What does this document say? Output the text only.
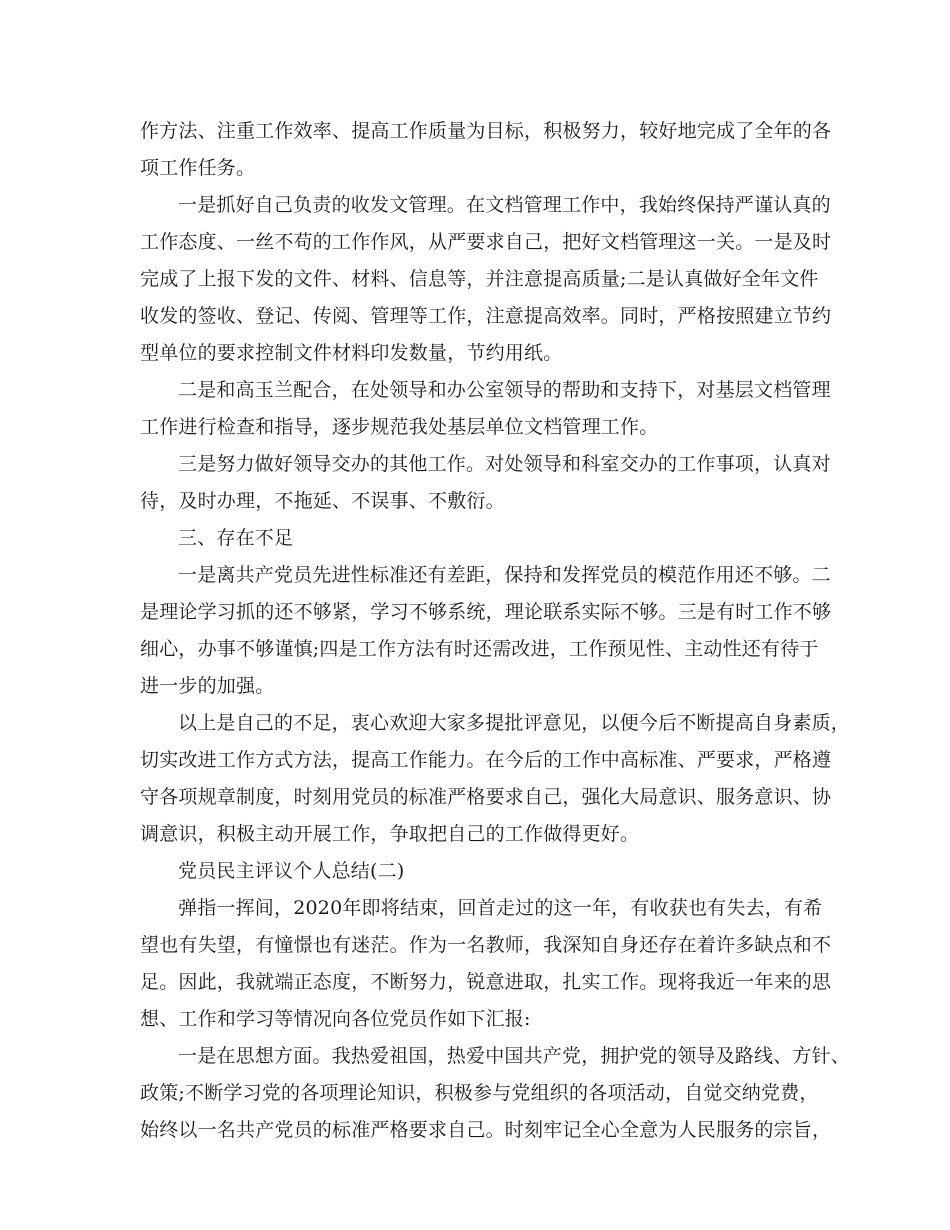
作方法、注重工作效率、提高工作质量为目标，积极努力，较好地完成了全年的各
项工作任务。
一是抓好自己负责的收发文管理。在文档管理工作中，我始终保持严谨认真的
工作态度、一丝不苟的工作作风，从严要求自己，把好文档管理这一关。一是及时
完成了上报下发的文件、材料、信息等，并注意提高质量;二是认真做好全年文件
收发的签收、登记、传阅、管理等工作，注意提高效率。同时，严格按照建立节约
型单位的要求控制文件材料印发数量，节约用纸。
二是和高玉兰配合，在处领导和办公室领导的帮助和支持下，对基层文档管理
工作进行检查和指导，逐步规范我处基层单位文档管理工作。
三是努力做好领导交办的其他工作。对处领导和科室交办的工作事项，认真对
待，及时办理，不拖延、不误事、不敷衍。
三、存在不足
一是离共产党员先进性标准还有差距，保持和发挥党员的模范作用还不够。二
是理论学习抓的还不够紧，学习不够系统，理论联系实际不够。三是有时工作不够
细心，办事不够谨慎;四是工作方法有时还需改进，工作预见性、主动性还有待于
进一步的加强。
以上是自己的不足，衷心欢迎大家多提批评意见，以便今后不断提高自身素质，
切实改进工作方式方法，提高工作能力。在今后的工作中高标准、严要求，严格遵
守各项规章制度，时刻用党员的标准严格要求自己，强化大局意识、服务意识、协
调意识，积极主动开展工作，争取把自己的工作做得更好。
党员民主评议个人总结(二)
弹指一挥间，2020年即将结束，回首走过的这一年，有收获也有失去，有希
望也有失望，有憧憬也有迷茫。作为一名教师，我深知自身还存在着许多缺点和不
足。因此，我就端正态度，不断努力，锐意进取，扎实工作。现将我近一年来的思
想、工作和学习等情况向各位党员作如下汇报:
一是在思想方面。我热爱祖国，热爱中国共产党，拥护党的领导及路线、方针、
政策;不断学习党的各项理论知识，积极参与党组织的各项活动，自觉交纳党费，
始终以一名共产党员的标准严格要求自己。时刻牢记全心全意为人民服务的宗旨，
